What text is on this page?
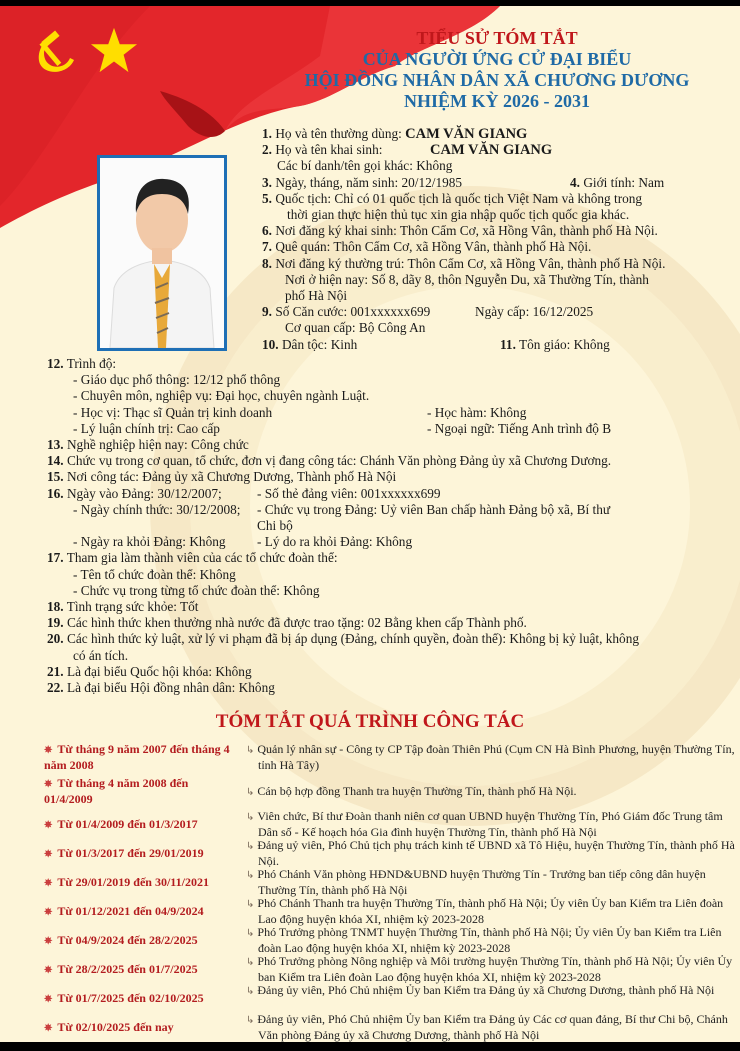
TIỂU SỬ TÓM TẮT
CỦA NGƯỜI ỨNG CỬ ĐẠI BIỂU
HỘI ĐỒNG NHÂN DÂN XÃ CHƯƠNG DƯƠNG
NHIỆM KỲ 2026 - 2031
1. Họ và tên thường dùng: CAM VĂN GIANG
2. Họ và tên khai sinh:	CAM VĂN GIANG
Các bí danh/tên gọi khác: Không
3. Ngày, tháng, năm sinh: 20/12/1985	4. Giới tính: Nam
5. Quốc tịch: Chỉ có 01 quốc tịch là quốc tịch Việt Nam và không trong
thời gian thực hiện thủ tục xin gia nhập quốc tịch quốc gia khác.
6. Nơi đăng ký khai sinh: Thôn Cẩm Cơ, xã Hồng Vân, thành phố Hà Nội.
7. Quê quán: Thôn Cẩm Cơ, xã Hồng Vân, thành phố Hà Nội.
8. Nơi đăng ký thường trú: Thôn Cẩm Cơ, xã Hồng Vân, thành phố Hà Nội.
Nơi ở hiện nay: Số 8, dãy 8, thôn Nguyễn Du, xã Thường Tín, thành
phố Hà Nội
9. Số Căn cước: 001xxxxxx699	Ngày cấp: 16/12/2025
Cơ quan cấp: Bộ Công An
10. Dân tộc: Kinh	11. Tôn giáo: Không
12. Trình độ:
- Giáo dục phổ thông: 12/12 phổ thông
- Chuyên môn, nghiệp vụ: Đại học, chuyên ngành Luật.
- Học vị: Thạc sĩ Quản trị kinh doanh	- Học hàm: Không
- Lý luận chính trị: Cao cấp	- Ngoại ngữ: Tiếng Anh trình độ B
13. Nghề nghiệp hiện nay: Công chức
14. Chức vụ trong cơ quan, tổ chức, đơn vị đang công tác: Chánh Văn phòng Đảng ủy xã Chương Dương.
15. Nơi công tác: Đảng ủy xã Chương Dương, Thành phố Hà Nội
16. Ngày vào Đảng: 30/12/2007;	- Số thẻ đảng viên: 001xxxxxx699
- Ngày chính thức: 30/12/2008; - Chức vụ trong Đảng: Uỷ viên Ban chấp hành Đảng bộ xã, Bí thư
Chi bộ

- Ngày ra khỏi Đảng: Không - Lý do ra khỏi Đảng: Không
17. Tham gia làm thành viên của các tổ chức đoàn thể:
- Tên tổ chức đoàn thể: Không
- Chức vụ trong từng tổ chức đoàn thể: Không
18. Tình trạng sức khỏe: Tốt
19. Các hình thức khen thưởng nhà nước đã được trao tặng: 02 Bằng khen cấp Thành phố.
20. Các hình thức kỷ luật, xử lý vi phạm đã bị áp dụng (Đảng, chính quyền, đoàn thể): Không bị kỷ luật, không
có án tích.
21. Là đại biểu Quốc hội khóa: Không
22. Là đại biểu Hội đồng nhân dân: Không
TÓM TẮT QUÁ TRÌNH CÔNG TÁC
✵ Từ tháng 9 năm 2007 đến tháng 4 năm 2008
↳ Quản lý nhân sự - Công ty CP Tập đoàn Thiên Phú (Cụm CN Hà Bình Phương, huyện Thường Tín, tỉnh Hà Tây)
✵ Từ tháng 4 năm 2008 đến 01/4/2009	↳ Cán bộ hợp đồng Thanh tra huyện Thường Tín, thành phố Hà Nội.
✵ Từ 01/4/2009 đến 01/3/2017	↳ Viên chức, Bí thư Đoàn thanh niên cơ quan UBND huyện Thường Tín, Phó Giám đốc Trung tâm Dân số - Kế hoạch hóa Gia đình huyện Thường Tín, thành phố Hà Nội
✵ Từ 01/3/2017 đến 29/01/2019	↳ Đảng uỷ viên, Phó Chủ tịch phụ trách kinh tế UBND xã Tô Hiệu, huyện Thường Tín, thành phố Hà Nội.
✵ Từ 29/01/2019 đến 30/11/2021	↳ Phó Chánh Văn phòng HĐND&UBND huyện Thường Tín - Trưởng ban tiếp công dân huyện Thường Tín, thành phố Hà Nội
✵ Từ 01/12/2021 đến 04/9/2024	↳ Phó Chánh Thanh tra huyện Thường Tín, thành phố Hà Nội; Ủy viên Ủy ban Kiểm tra Liên đoàn Lao động huyện khóa XI, nhiệm kỳ 2023-2028
✵ Từ 04/9/2024 đến 28/2/2025	↳ Phó Trưởng phòng TNMT huyện Thường Tín, thành phố Hà Nội; Ủy viên Ủy ban Kiểm tra Liên đoàn Lao động huyện khóa XI, nhiệm kỳ 2023-2028
✵ Từ 28/2/2025 đến 01/7/2025	↳ Phó Trưởng phòng Nông nghiệp và Môi trường huyện Thường Tín, thành phố Hà Nội; Ủy viên Ủy ban Kiểm tra Liên đoàn Lao động huyện khóa XI, nhiệm kỳ 2023-2028
✵ Từ 01/7/2025 đến 02/10/2025	↳ Đảng ủy viên, Phó Chủ nhiệm Ủy ban Kiểm tra Đảng ủy xã Chương Dương, thành phố Hà Nội
✵ Từ 02/10/2025 đến nay	↳ Đảng ủy viên, Phó Chủ nhiệm Ủy ban Kiểm tra Đảng ủy Các cơ quan đảng, Bí thư Chi bộ, Chánh Văn phòng Đảng ủy xã Chương Dương, thành phố Hà Nội
